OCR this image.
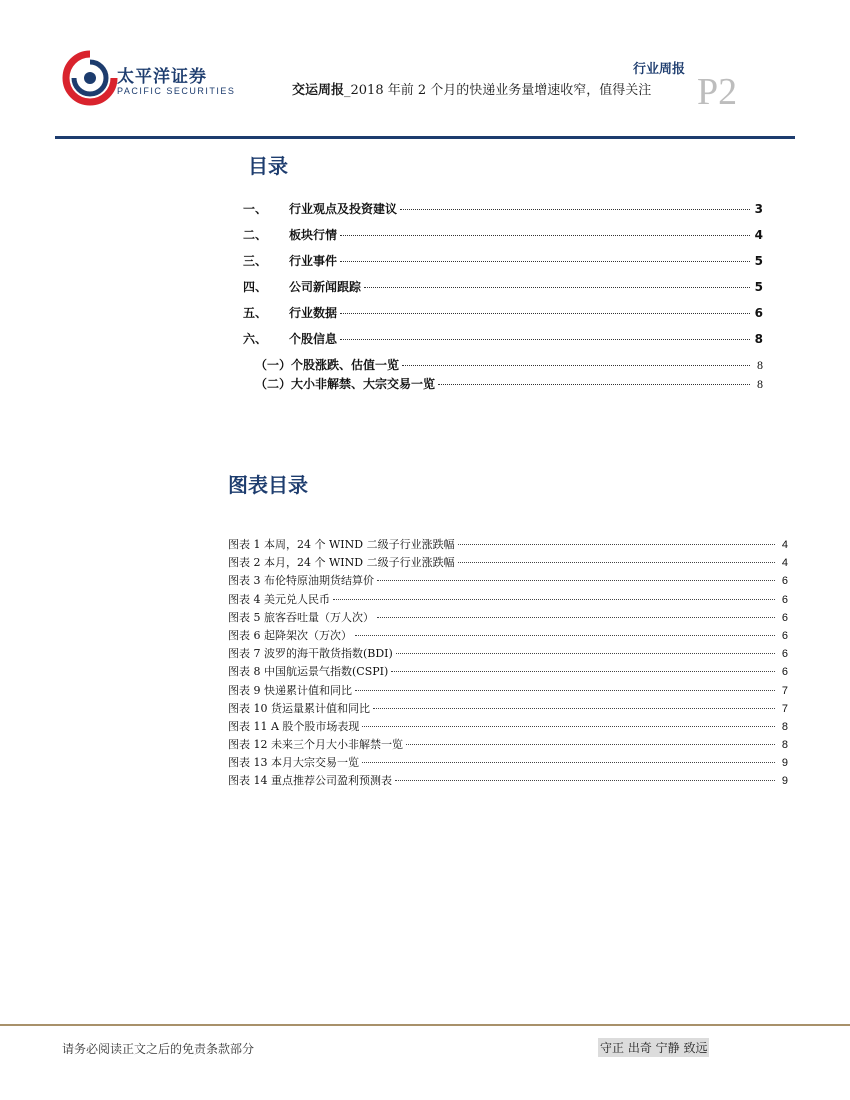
太平洋证券
PACIFIC SECURITIES
行业周报
交运周报_2018 年前 2 个月的快递业务量增速收窄，值得关注 P2
目录
一、	行业观点及投资建议	3
二、	板块行情	4
三、	行业事件	5
四、	公司新闻跟踪	5
五、	行业数据	6
六、	个股信息	8
（一）个股涨跌、估值一览	8
（二）大小非解禁、大宗交易一览	8
图表目录
图表 1 本周，24 个 WIND 二级子行业涨跌幅	4
图表 2 本月，24 个 WIND 二级子行业涨跌幅	4
图表 3 布伦特原油期货结算价	6
图表 4 美元兑人民币	6
图表 5 旅客吞吐量（万人次）	6
图表 6 起降架次（万次）	6
图表 7 波罗的海干散货指数(BDI)	6
图表 8 中国航运景气指数(CSPI)	6
图表 9 快递累计值和同比	7
图表 10 货运量累计值和同比	7
图表 11 A 股个股市场表现	8
图表 12 未来三个月大小非解禁一览	8
图表 13 本月大宗交易一览	9
图表 14 重点推荐公司盈利预测表	9
请务必阅读正文之后的免责条款部分	守正 出奇 宁静 致远
